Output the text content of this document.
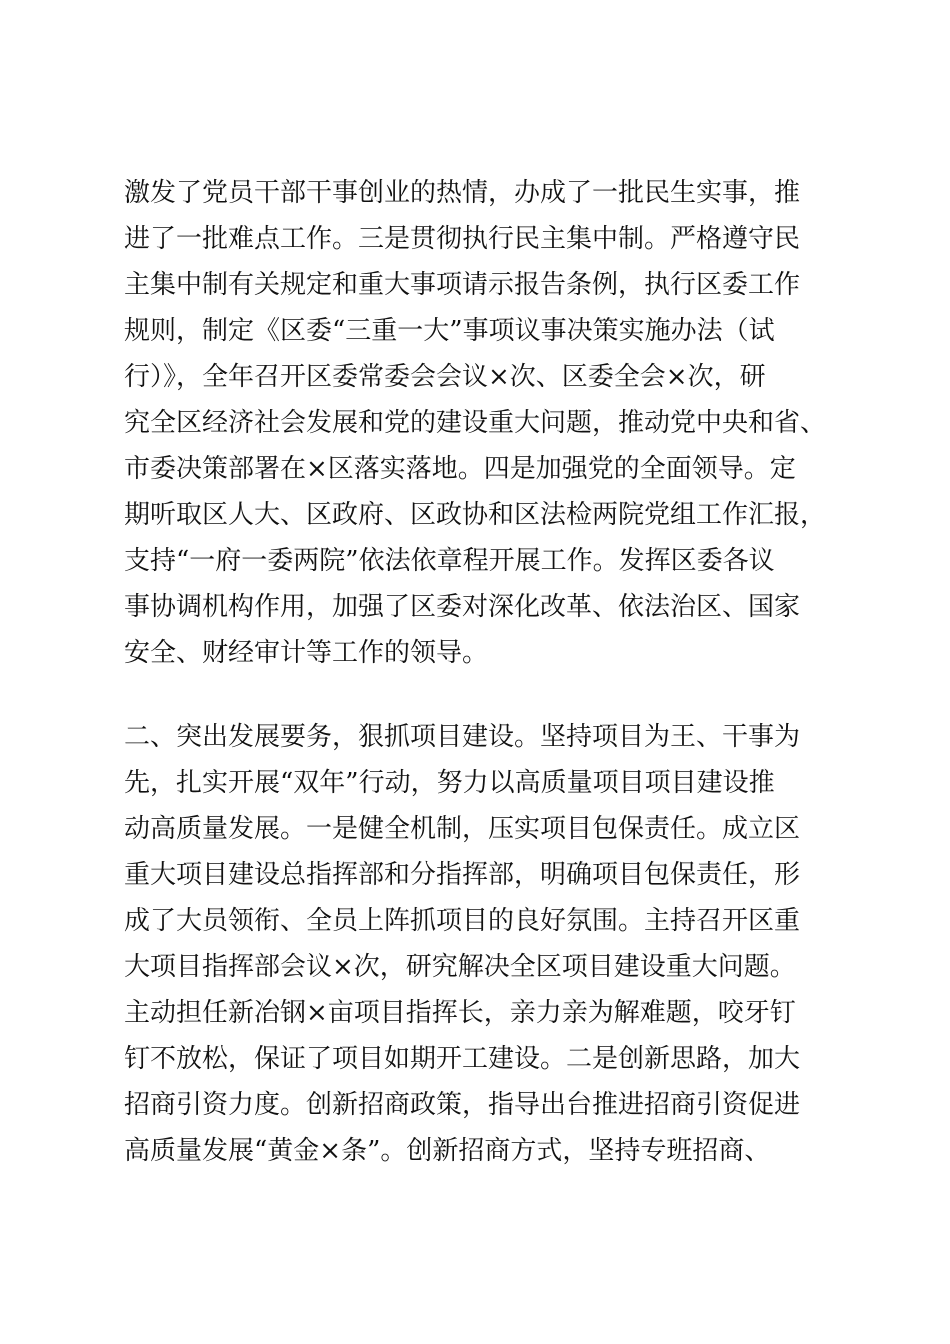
激发了党员干部干事创业的热情，办成了一批民生实事，推
进了一批难点工作。三是贯彻执行民主集中制。严格遵守民
主集中制有关规定和重大事项请示报告条例，执行区委工作
规则，制定《区委“三重一大”事项议事决策实施办法（试
行）》，全年召开区委常委会会议×次、区委全会×次，研
究全区经济社会发展和党的建设重大问题，推动党中央和省、
市委决策部署在×区落实落地。四是加强党的全面领导。定
期听取区人大、区政府、区政协和区法检两院党组工作汇报，
支持“一府一委两院”依法依章程开展工作。发挥区委各议
事协调机构作用，加强了区委对深化改革、依法治区、国家
安全、财经审计等工作的领导。

二、突出发展要务，狠抓项目建设。坚持项目为王、干事为
先，扎实开展“双年”行动，努力以高质量项目项目建设推
动高质量发展。一是健全机制，压实项目包保责任。成立区
重大项目建设总指挥部和分指挥部，明确项目包保责任，形
成了大员领衔、全员上阵抓项目的良好氛围。主持召开区重
大项目指挥部会议×次，研究解决全区项目建设重大问题。
主动担任新冶钢×亩项目指挥长，亲力亲为解难题，咬牙钉
钉不放松，保证了项目如期开工建设。二是创新思路，加大
招商引资力度。创新招商政策，指导出台推进招商引资促进
高质量发展“黄金×条”。创新招商方式，坚持专班招商、
